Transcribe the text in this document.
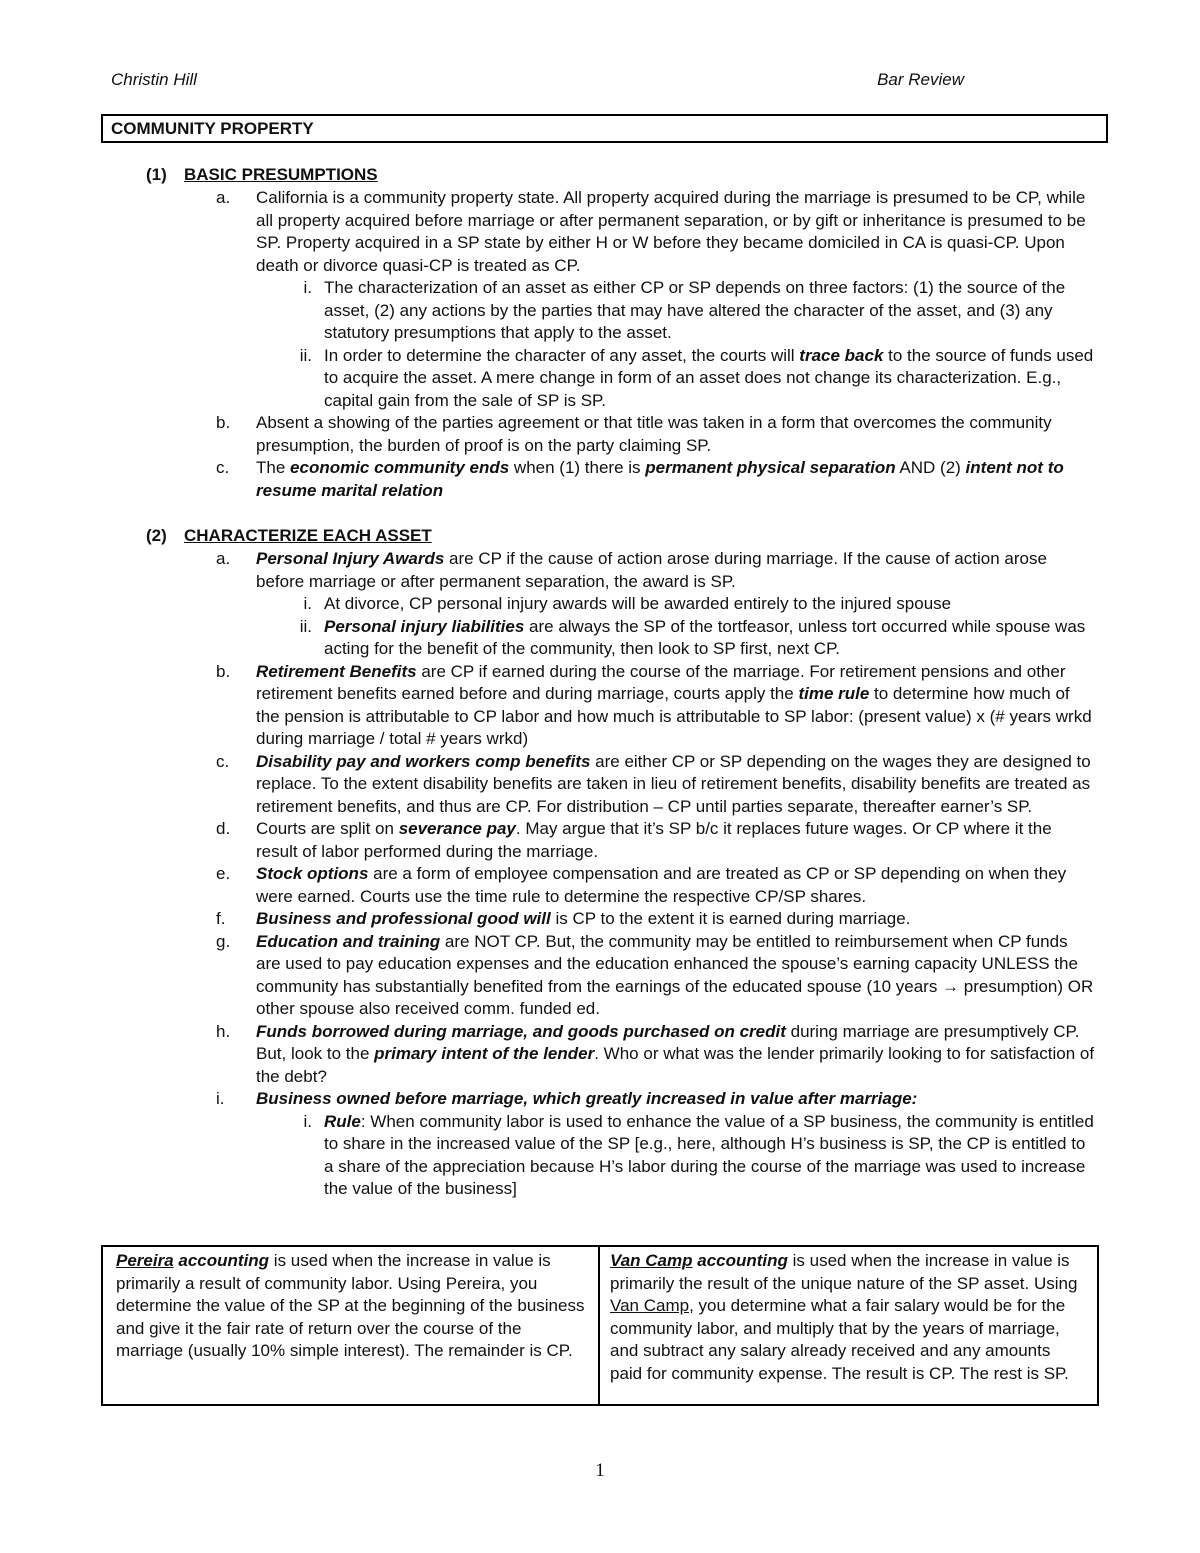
Christin Hill	Bar Review
COMMUNITY PROPERTY
(1) BASIC PRESUMPTIONS
a. California is a community property state. All property acquired during the marriage is presumed to be CP, while all property acquired before marriage or after permanent separation, or by gift or inheritance is presumed to be SP. Property acquired in a SP state by either H or W before they became domiciled in CA is quasi-CP. Upon death or divorce quasi-CP is treated as CP.
i. The characterization of an asset as either CP or SP depends on three factors: (1) the source of the asset, (2) any actions by the parties that may have altered the character of the asset, and (3) any statutory presumptions that apply to the asset.
ii. In order to determine the character of any asset, the courts will trace back to the source of funds used to acquire the asset. A mere change in form of an asset does not change its characterization. E.g., capital gain from the sale of SP is SP.
b. Absent a showing of the parties agreement or that title was taken in a form that overcomes the community presumption, the burden of proof is on the party claiming SP.
c. The economic community ends when (1) there is permanent physical separation AND (2) intent not to resume marital relation
(2) CHARACTERIZE EACH ASSET
a. Personal Injury Awards are CP if the cause of action arose during marriage. If the cause of action arose before marriage or after permanent separation, the award is SP.
i. At divorce, CP personal injury awards will be awarded entirely to the injured spouse
ii. Personal injury liabilities are always the SP of the tortfeasor, unless tort occurred while spouse was acting for the benefit of the community, then look to SP first, next CP.
b. Retirement Benefits are CP if earned during the course of the marriage. For retirement pensions and other retirement benefits earned before and during marriage, courts apply the time rule to determine how much of the pension is attributable to CP labor and how much is attributable to SP labor: (present value) x (# years wrkd during marriage / total # years wrkd)
c. Disability pay and workers comp benefits are either CP or SP depending on the wages they are designed to replace. To the extent disability benefits are taken in lieu of retirement benefits, disability benefits are treated as retirement benefits, and thus are CP. For distribution – CP until parties separate, thereafter earner’s SP.
d. Courts are split on severance pay. May argue that it’s SP b/c it replaces future wages. Or CP where it the result of labor performed during the marriage.
e. Stock options are a form of employee compensation and are treated as CP or SP depending on when they were earned. Courts use the time rule to determine the respective CP/SP shares.
f. Business and professional good will is CP to the extent it is earned during marriage.
g. Education and training are NOT CP. But, the community may be entitled to reimbursement when CP funds are used to pay education expenses and the education enhanced the spouse’s earning capacity UNLESS the community has substantially benefited from the earnings of the educated spouse (10 years → presumption) OR other spouse also received comm. funded ed.
h. Funds borrowed during marriage, and goods purchased on credit during marriage are presumptively CP. But, look to the primary intent of the lender. Who or what was the lender primarily looking to for satisfaction of the debt?
i. Business owned before marriage, which greatly increased in value after marriage:
i. Rule: When community labor is used to enhance the value of a SP business, the community is entitled to share in the increased value of the SP [e.g., here, although H’s business is SP, the CP is entitled to a share of the appreciation because H’s labor during the course of the marriage was used to increase the value of the business]
Pereira accounting is used when the increase in value is primarily a result of community labor. Using Pereira, you determine the value of the SP at the beginning of the business and give it the fair rate of return over the course of the marriage (usually 10% simple interest). The remainder is CP.
Van Camp accounting is used when the increase in value is primarily the result of the unique nature of the SP asset. Using Van Camp, you determine what a fair salary would be for the community labor, and multiply that by the years of marriage, and subtract any salary already received and any amounts paid for community expense. The result is CP. The rest is SP.
1
